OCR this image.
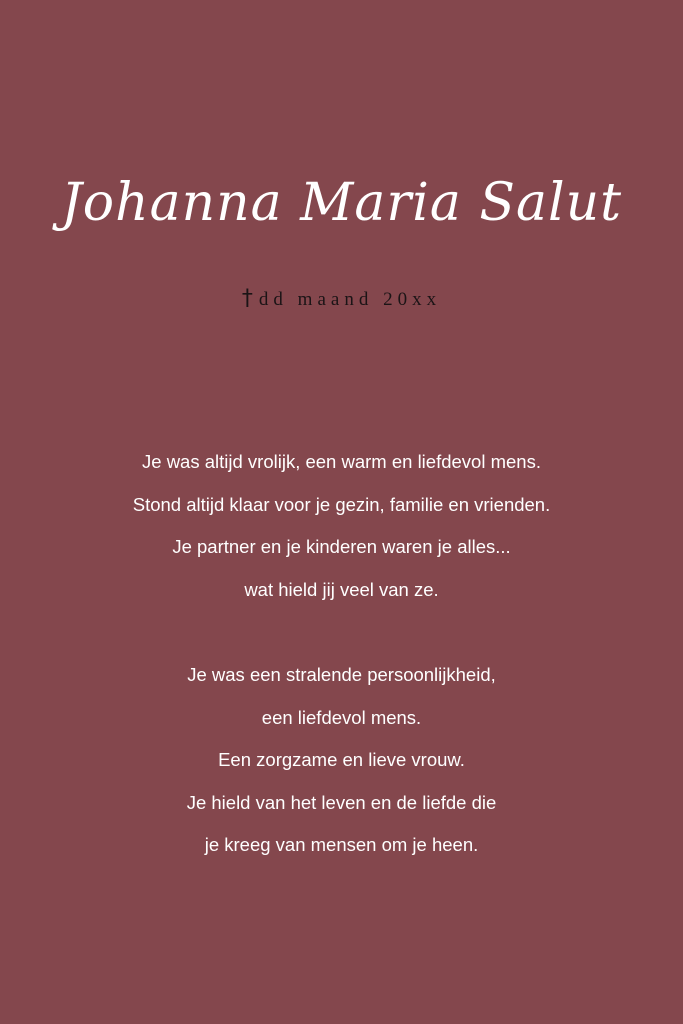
Johanna Maria Salut
† dd maand 20xx
Je was altijd vrolijk, een warm en liefdevol mens.
Stond altijd klaar voor je gezin, familie en vrienden.
Je partner en je kinderen waren je alles...
wat hield jij veel van ze.
Je was een stralende persoonlijkheid,
een liefdevol mens.
Een zorgzame en lieve vrouw.
Je hield van het leven en de liefde die
je kreeg van mensen om je heen.
